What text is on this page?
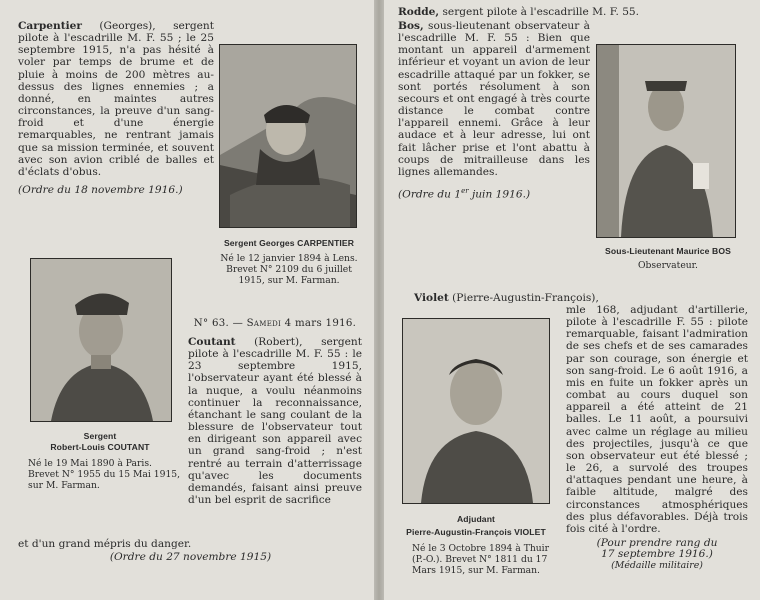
Carpentier (Georges), sergent pilote à l'escadrille M. F. 55 ; le 25 septembre 1915, n'a pas hésité à voler par temps de brume et de pluie à moins de 200 mètres au-dessus des lignes ennemies ; a donné, en maintes autres circonstances, la preuve d'un sang-froid et d'une énergie remarquables, ne rentrant jamais que sa mission terminée, et souvent avec son avion criblé de balles et d'éclats d'obus.

(Ordre du 18 novembre 1916.)

Sergent Georges CARPENTIER
Né le 12 janvier 1894 à Lens. Brevet N° 2109 du 6 juillet 1915, sur M. Farman.
Sergent
Robert-Louis COUTANT
Né le 19 Mai 1890 à Paris. Brevet N° 1955 du 15 Mai 1915, sur M. Farman.

N° 63. — Samedi 4 mars 1916.

Coutant (Robert), sergent pilote à l'escadrille M. F. 55 : le 23 septembre 1915, l'observateur ayant été blessé à la nuque, a voulu néanmoins continuer la reconnaissance, étanchant le sang coulant de la blessure de l'observateur tout en dirigeant son appareil avec un grand sang-froid ; n'est rentré au terrain d'atterrissage qu'avec les documents demandés, faisant ainsi preuve d'un bel esprit de sacrifice

et d'un grand mépris du danger.

(Ordre du 27 novembre 1915)

Rodde, sergent pilote à l'escadrille M. F. 55.

Bos, sous-lieutenant observateur à l'escadrille M. F. 55 : Bien que montant un appareil d'armement inférieur et voyant un avion de leur escadrille attaqué par un fokker, se sont portés résolument à son secours et ont engagé à très courte distance le combat contre l'appareil ennemi. Grâce à leur audace et à leur adresse, lui ont fait lâcher prise et l'ont abattu à coups de mitrailleuse dans les lignes allemandes.

(Ordre du 1er juin 1916.)

Sous-Lieutenant Maurice BOS
Observateur.

Violet (Pierre-Augustin-François),

mle 168, adjudant d'artillerie, pilote à l'escadrille F. 55 : pilote remarquable, faisant l'admiration de ses chefs et de ses camarades par son courage, son énergie et son sang-froid. Le 6 août 1916, a mis en fuite un fokker après un combat au cours duquel son appareil a été atteint de 21 balles. Le 11 août, a poursuivi avec calme un réglage au milieu des projectiles, jusqu'à ce que son observateur eut été blessé ; le 26, a survolé des troupes d'attaques pendant une heure, à faible altitude, malgré des circonstances atmosphériques des plus défavorables. Déjà trois fois cité à l'ordre.

(Pour prendre rang du
17 septembre 1916.)
(Médaille militaire)

Adjudant
Pierre-Augustin-François VIOLET
Né le 3 Octobre 1894 à Thuir (P.-O.). Brevet N° 1811 du 17 Mars 1915, sur M. Farman.
